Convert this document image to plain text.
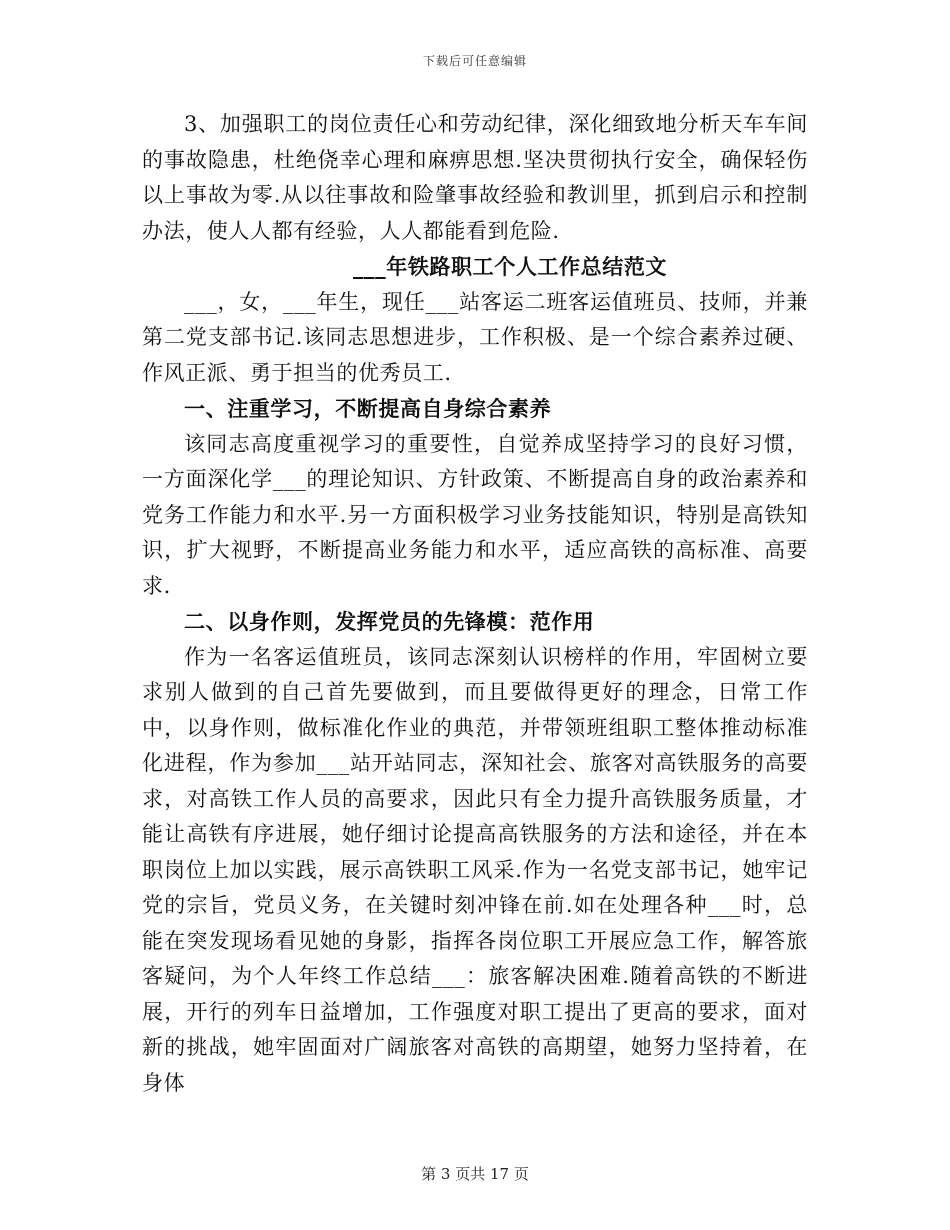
下载后可任意编辑

3、加强职工的岗位责任心和劳动纪律，深化细致地分析天车车间的事故隐患，杜绝侥幸心理和麻痹思想.坚决贯彻执行安全，确保轻伤以上事故为零.从以往事故和险肇事故经验和教训里，抓到启示和控制办法，使人人都有经验，人人都能看到危险.

___年铁路职工个人工作总结范文

___，女，___年生，现任___站客运二班客运值班员、技师，并兼第二党支部书记.该同志思想进步，工作积极、是一个综合素养过硬、作风正派、勇于担当的优秀员工.

一、注重学习，不断提高自身综合素养

该同志高度重视学习的重要性，自觉养成坚持学习的良好习惯，一方面深化学___的理论知识、方针政策、不断提高自身的政治素养和党务工作能力和水平.另一方面积极学习业务技能知识，特别是高铁知识，扩大视野，不断提高业务能力和水平，适应高铁的高标准、高要求.

二、以身作则，发挥党员的先锋模：范作用

作为一名客运值班员，该同志深刻认识榜样的作用，牢固树立要求别人做到的自己首先要做到，而且要做得更好的理念，日常工作中，以身作则，做标准化作业的典范，并带领班组职工整体推动标准化进程，作为参加___站开站同志，深知社会、旅客对高铁服务的高要求，对高铁工作人员的高要求，因此只有全力提升高铁服务质量，才能让高铁有序进展，她仔细讨论提高高铁服务的方法和途径，并在本职岗位上加以实践，展示高铁职工风采.作为一名党支部书记，她牢记党的宗旨，党员义务，在关键时刻冲锋在前.如在处理各种___时，总能在突发现场看见她的身影，指挥各岗位职工开展应急工作，解答旅客疑问，为个人年终工作总结___：旅客解决困难.随着高铁的不断进展，开行的列车日益增加，工作强度对职工提出了更高的要求，面对新的挑战，她牢固面对广阔旅客对高铁的高期望，她努力坚持着，在身体

第 3 页共 17 页
